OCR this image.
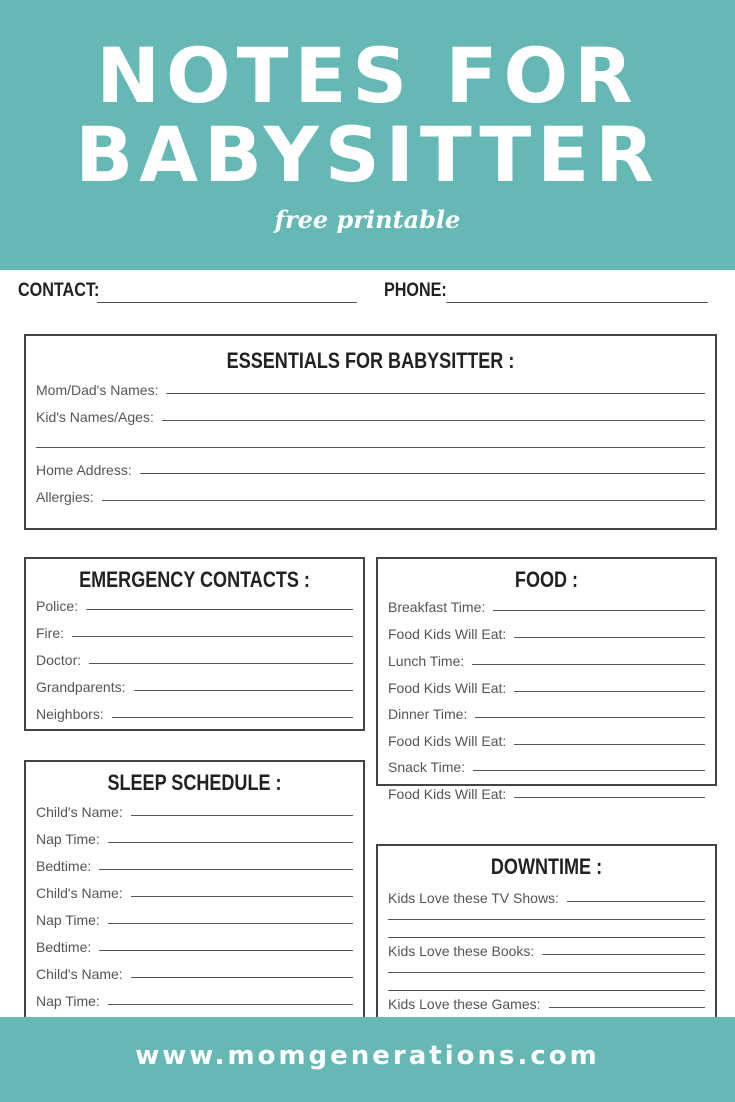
NOTES FOR
BABYSITTER
free printable
CONTACT:	PHONE:
ESSENTIALS FOR BABYSITTER :
Mom/Dad's Names:
Kid's Names/Ages:
Home Address:
Allergies:
EMERGENCY CONTACTS :
Police:
Fire:
Doctor:
Grandparents:
Neighbors:
FOOD :
Breakfast Time:
Food Kids Will Eat:
Lunch Time:
Food Kids Will Eat:
Dinner Time:
Food Kids Will Eat:
Snack Time:
Food Kids Will Eat:
SLEEP SCHEDULE :
Child's Name:
Nap Time:
Bedtime:
Child's Name:
Nap Time:
Bedtime:
Child's Name:
Nap Time:
DOWNTIME :
Kids Love these TV Shows:
Kids Love these Books:
Kids Love these Games:
www.momgenerations.com
